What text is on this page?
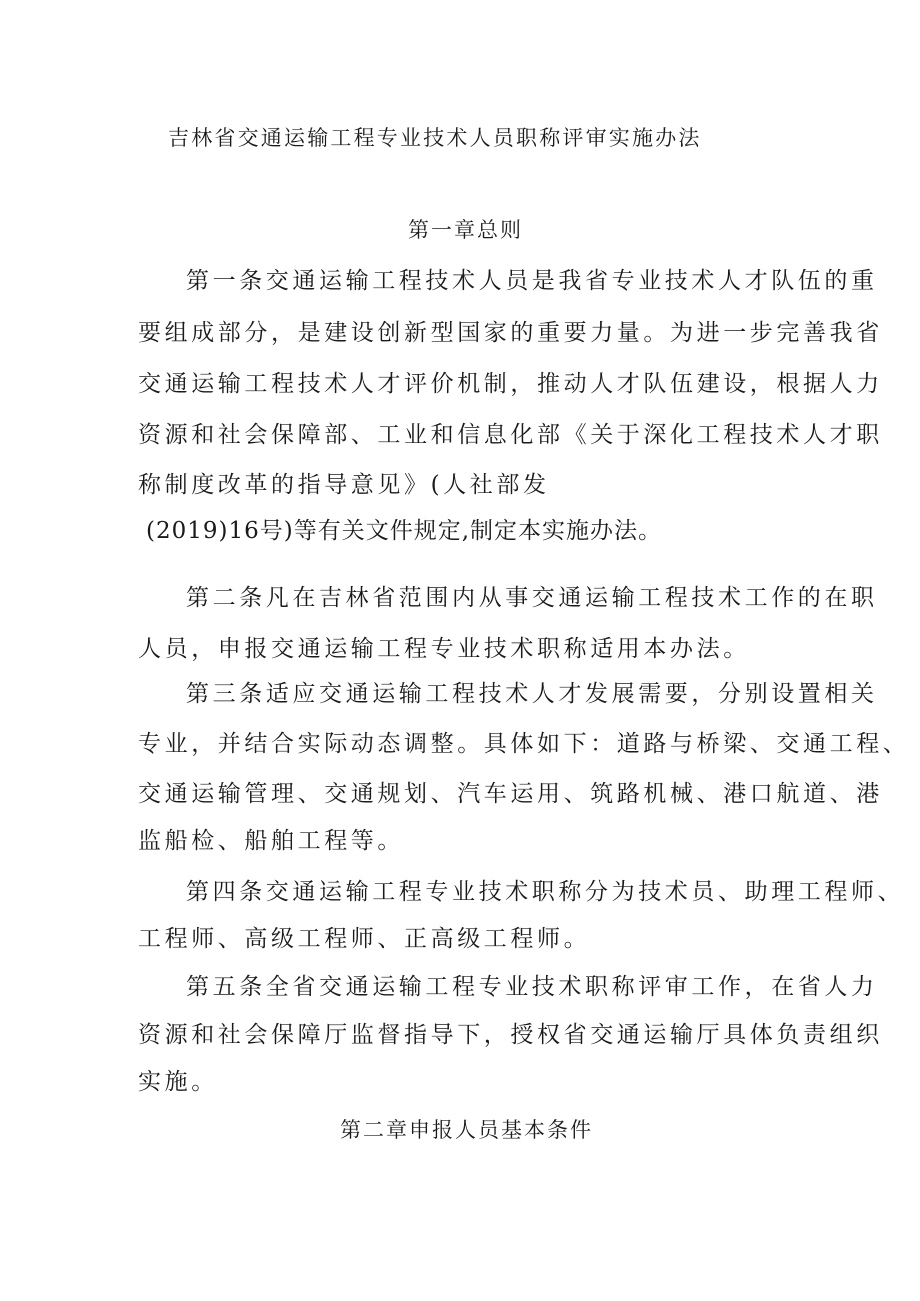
吉林省交通运输工程专业技术人员职称评审实施办法
第一章总则
第一条交通运输工程技术人员是我省专业技术人才队伍的重
要组成部分，是建设创新型国家的重要力量。为进一步完善我省
交通运输工程技术人才评价机制，推动人才队伍建设，根据人力
资源和社会保障部、工业和信息化部《关于深化工程技术人才职
称制度改革的指导意见》(人社部发
(2019)16号)等有关文件规定,制定本实施办法。
第二条凡在吉林省范围内从事交通运输工程技术工作的在职
人员，申报交通运输工程专业技术职称适用本办法。
第三条适应交通运输工程技术人才发展需要，分别设置相关
专业，并结合实际动态调整。具体如下：道路与桥梁、交通工程、
交通运输管理、交通规划、汽车运用、筑路机械、港口航道、港
监船检、船舶工程等。
第四条交通运输工程专业技术职称分为技术员、助理工程师、
工程师、高级工程师、正高级工程师。
第五条全省交通运输工程专业技术职称评审工作，在省人力
资源和社会保障厅监督指导下，授权省交通运输厅具体负责组织
实施。
第二章申报人员基本条件
